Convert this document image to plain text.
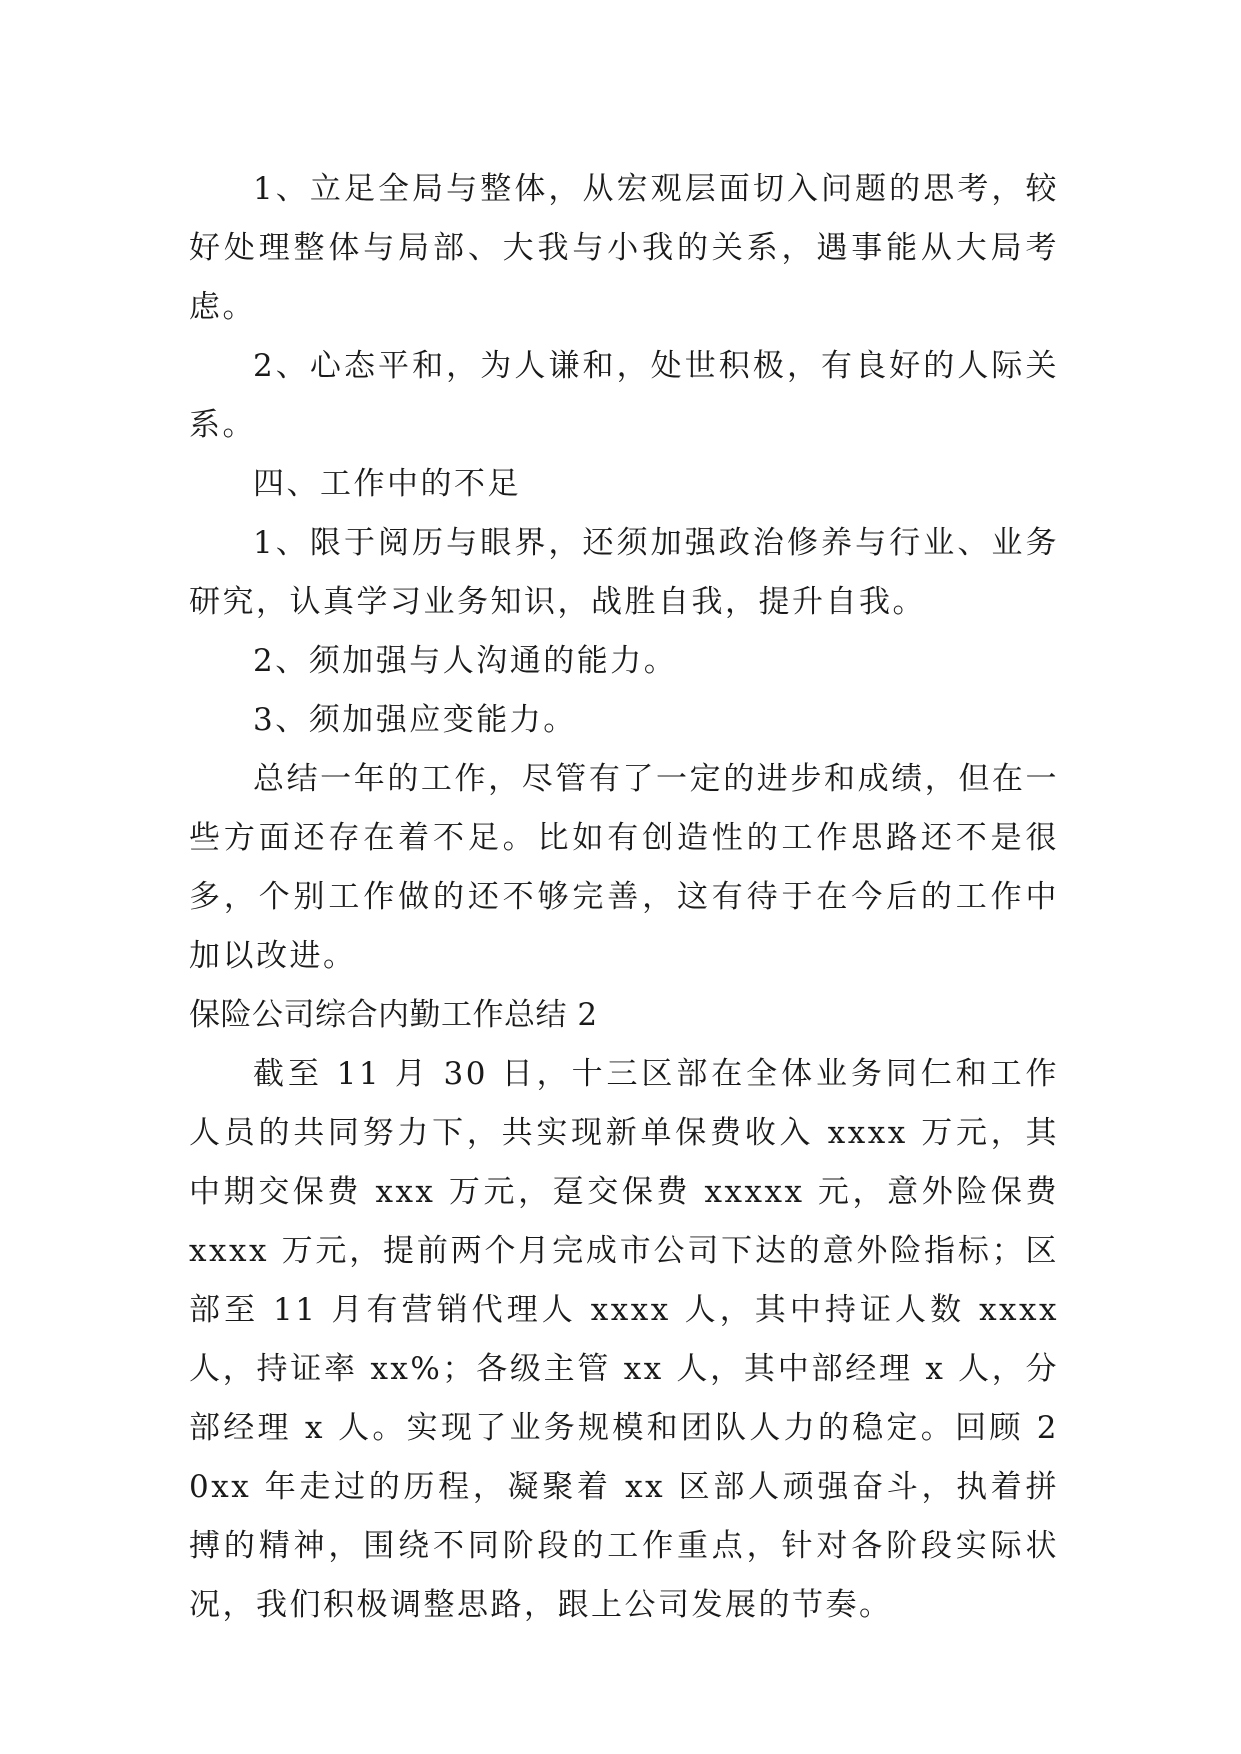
1、立足全局与整体，从宏观层面切入问题的思考，较好处理整体与局部、大我与小我的关系，遇事能从大局考虑。

2、心态平和，为人谦和，处世积极，有良好的人际关系。

四、工作中的不足

1、限于阅历与眼界，还须加强政治修养与行业、业务研究，认真学习业务知识，战胜自我，提升自我。

2、须加强与人沟通的能力。

3、须加强应变能力。

总结一年的工作，尽管有了一定的进步和成绩，但在一些方面还存在着不足。比如有创造性的工作思路还不是很多，个别工作做的还不够完善，这有待于在今后的工作中加以改进。

保险公司综合内勤工作总结 2

截至 11 月 30 日，十三区部在全体业务同仁和工作人员的共同努力下，共实现新单保费收入 xxxx 万元，其中期交保费 xxx 万元，趸交保费 xxxxx 元，意外险保费 xxxx 万元，提前两个月完成市公司下达的意外险指标；区部至 11 月有营销代理人 xxxx 人，其中持证人数 xxxx 人，持证率 xx%；各级主管 xx 人，其中部经理 x 人，分部经理 x 人。实现了业务规模和团队人力的稳定。回顾 20xx 年走过的历程，凝聚着 xx 区部人顽强奋斗，执着拼搏的精神，围绕不同阶段的工作重点，针对各阶段实际状况，我们积极调整思路，跟上公司发展的节奏。
